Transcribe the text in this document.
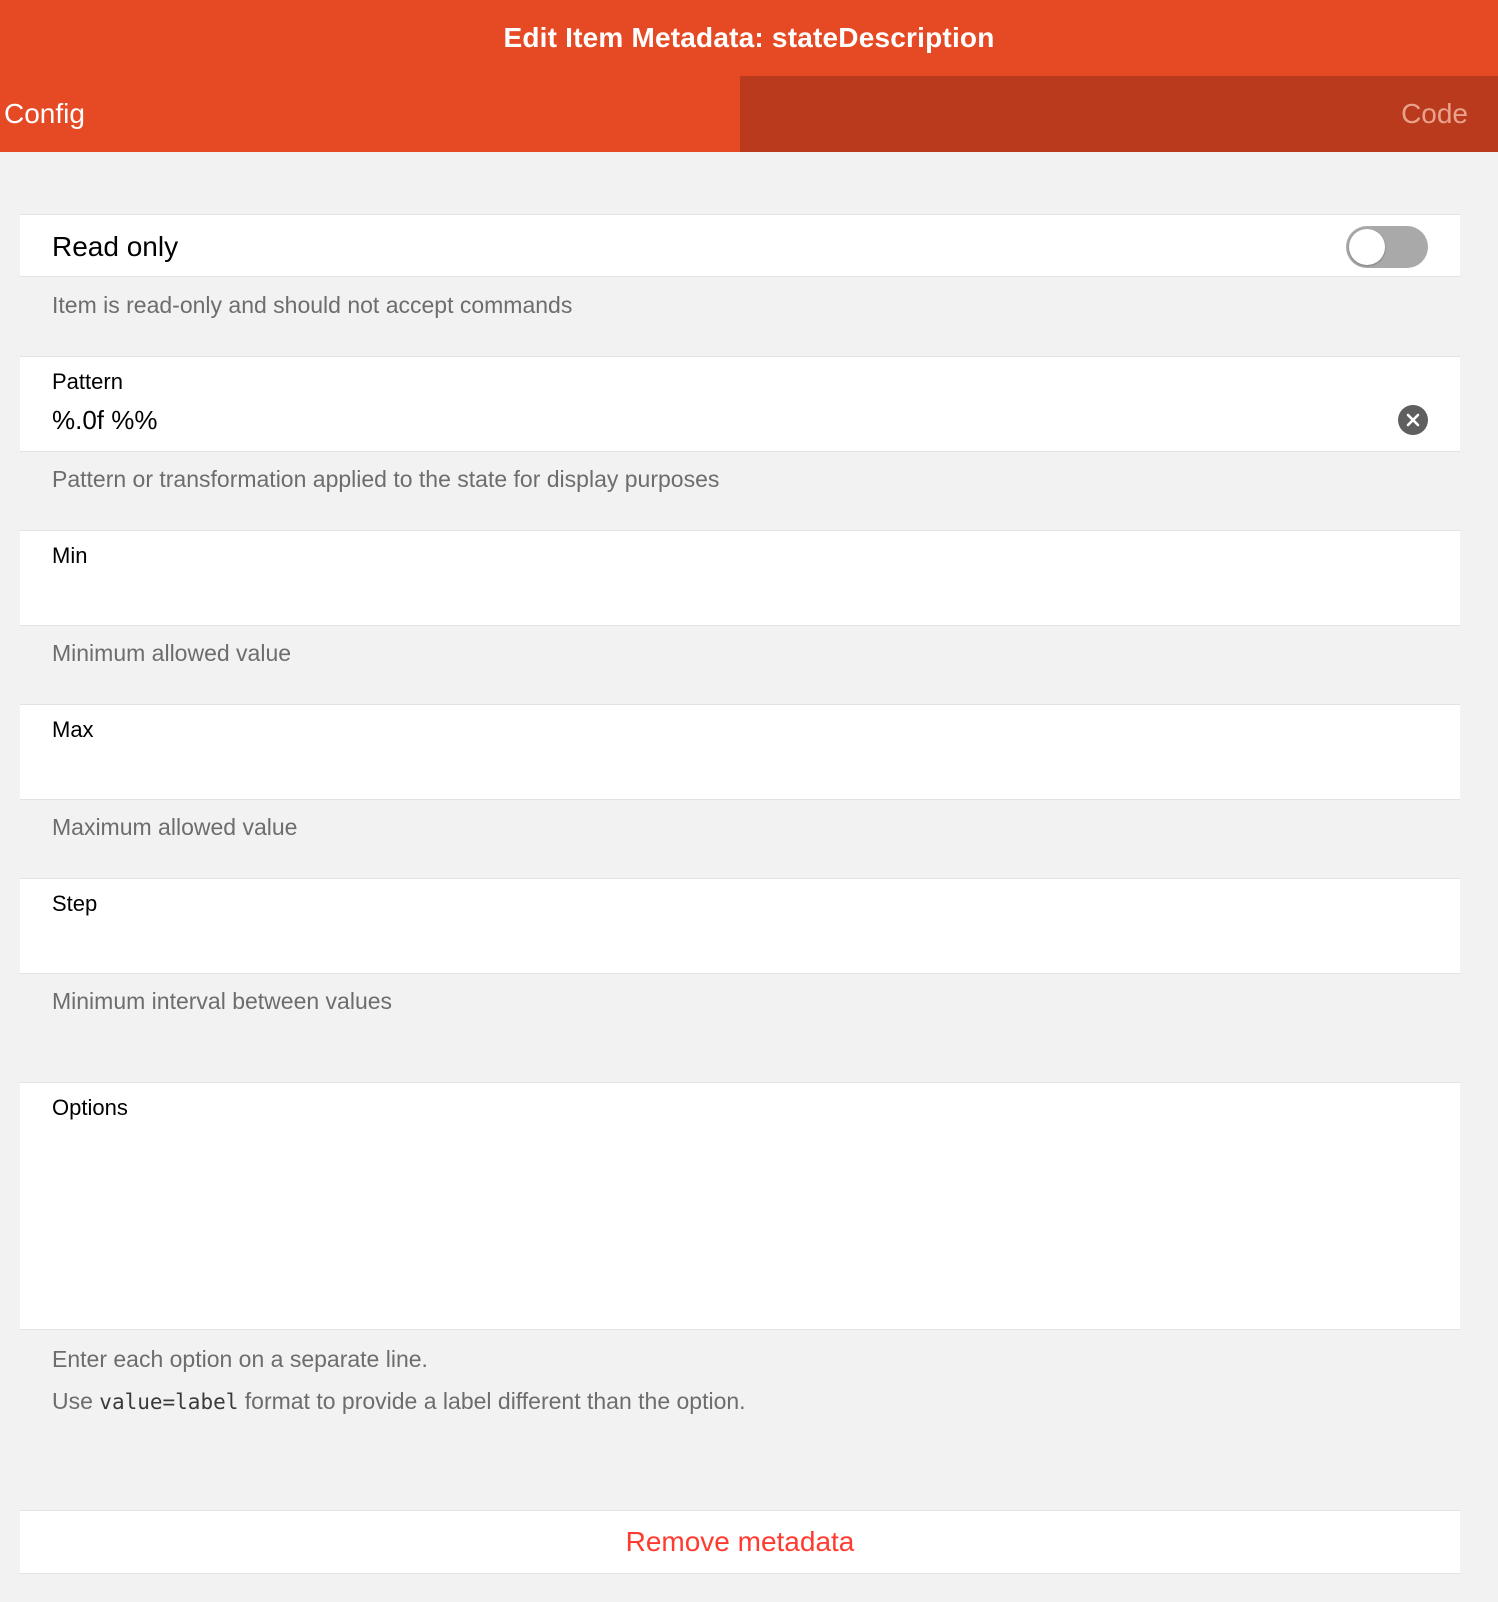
Edit Item Metadata: stateDescription
Config	Code
Read only
Item is read-only and should not accept commands
Pattern
%.0f %%
Pattern or transformation applied to the state for display purposes
Min
Minimum allowed value
Max
Maximum allowed value
Step
Minimum interval between values
Options
Enter each option on a separate line.
Use value=label format to provide a label different than the option.
Remove metadata
